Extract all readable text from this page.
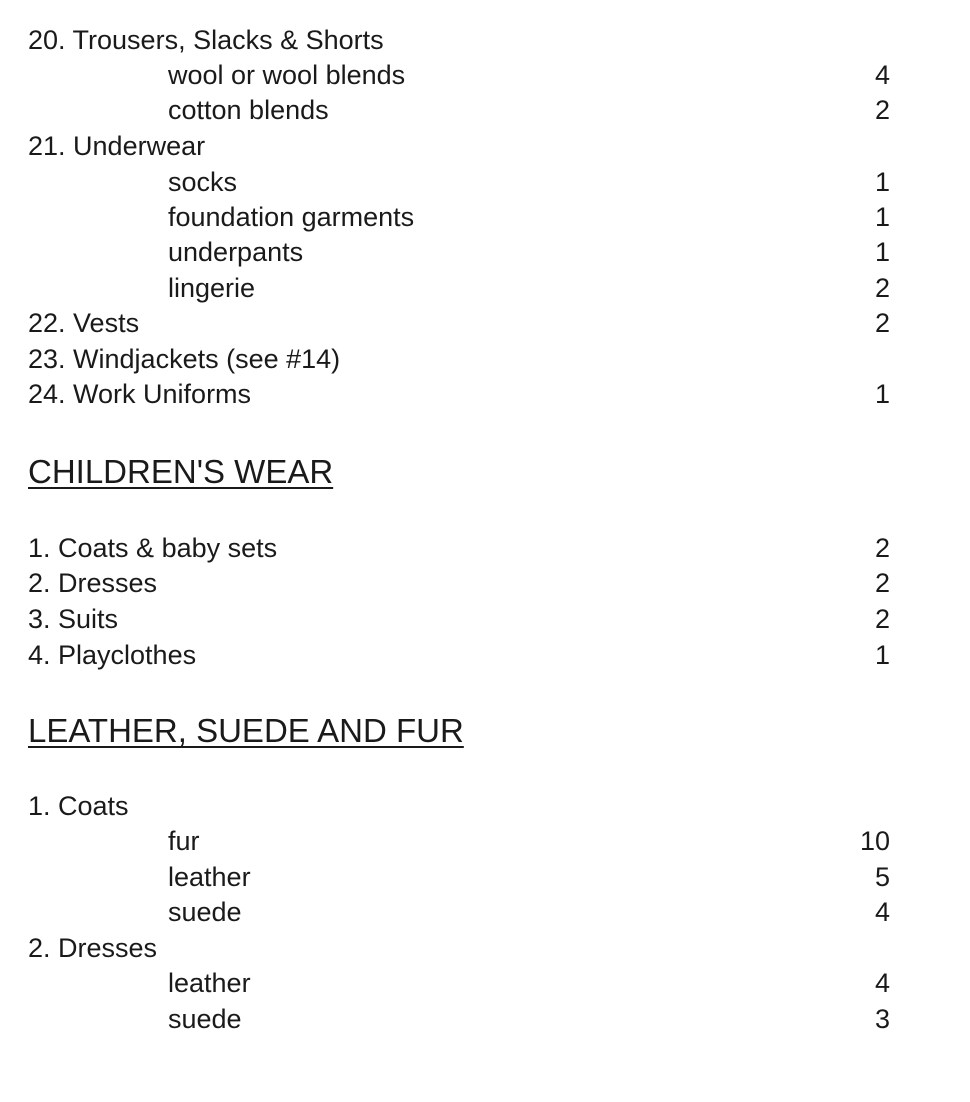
20. Trousers, Slacks & Shorts
wool or wool blends	4
cotton blends	2
21. Underwear
socks	1
foundation garments	1
underpants	1
lingerie	2
22. Vests	2
23. Windjackets (see #14)
24. Work Uniforms	1
CHILDREN'S WEAR
1. Coats & baby sets	2
2. Dresses	2
3. Suits	2
4. Playclothes	1
LEATHER, SUEDE AND FUR
1. Coats
fur	10
leather	5
suede	4
2. Dresses
leather	4
suede	3
